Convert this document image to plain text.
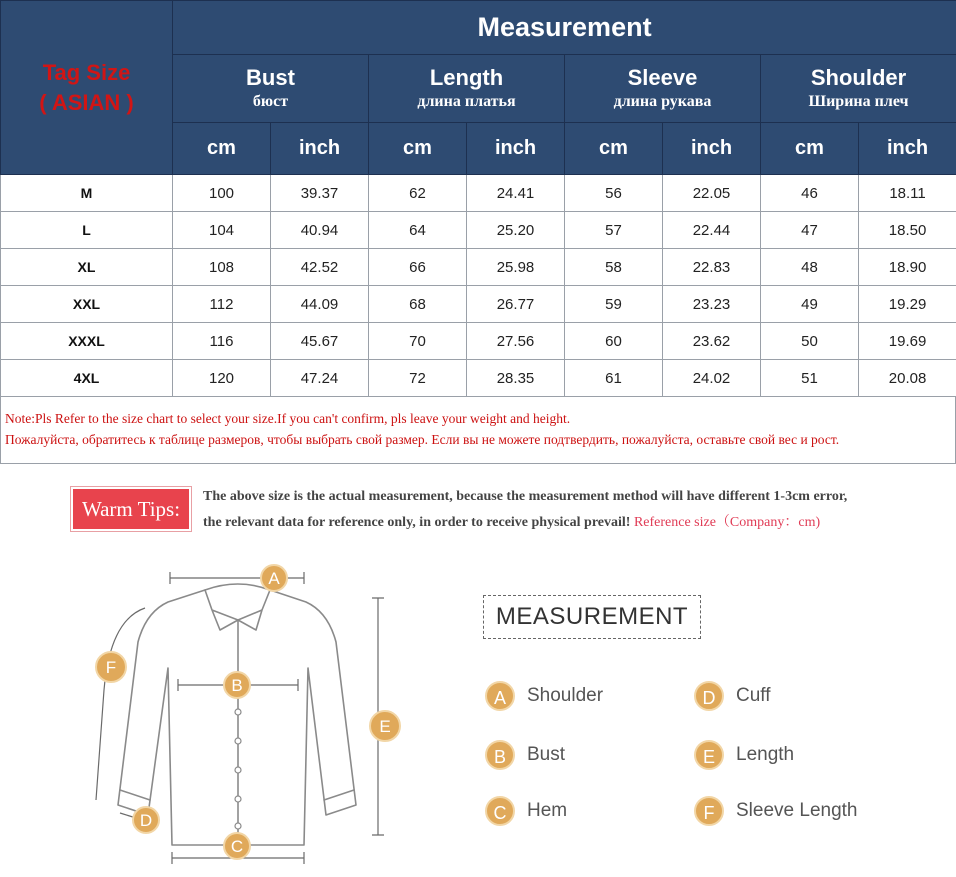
Tag Size
( ASIAN )	Measurement							

	Bust
бюст		Length
длина платья		Sleeve
длина рукава		Shoulder
Ширина плеч	

	cm	inch	cm	inch	cm	inch	cm	inch
M	100	39.37	62	24.41	56	22.05	46	18.11
L	104	40.94	64	25.20	57	22.44	47	18.50
XL	108	42.52	66	25.98	58	22.83	48	18.90
XXL	112	44.09	68	26.77	59	23.23	49	19.29
XXXL	116	45.67	70	27.56	60	23.62	50	19.69
4XL	120	47.24	72	28.35	61	24.02	51	20.08
Note:Pls Refer to the size chart to select your size.If you can't confirm, pls leave your weight and height.
Пожалуйста, обратитесь к таблице размеров, чтобы выбрать свой размер. Если вы не можете подтвердить, пожалуйста, оставьте свой вес и рост.
Warm Tips:
The above size is the actual measurement, because the measurement method will have different 1-3cm error,
the relevant data for reference only, in order to receive physical prevail! Reference size（Company：cm)
A
B
C
D
E
F
MEASUREMENT
A	Shoulder
B	Bust
C	Hem
D	Cuff
E	Length
F	Sleeve Length
